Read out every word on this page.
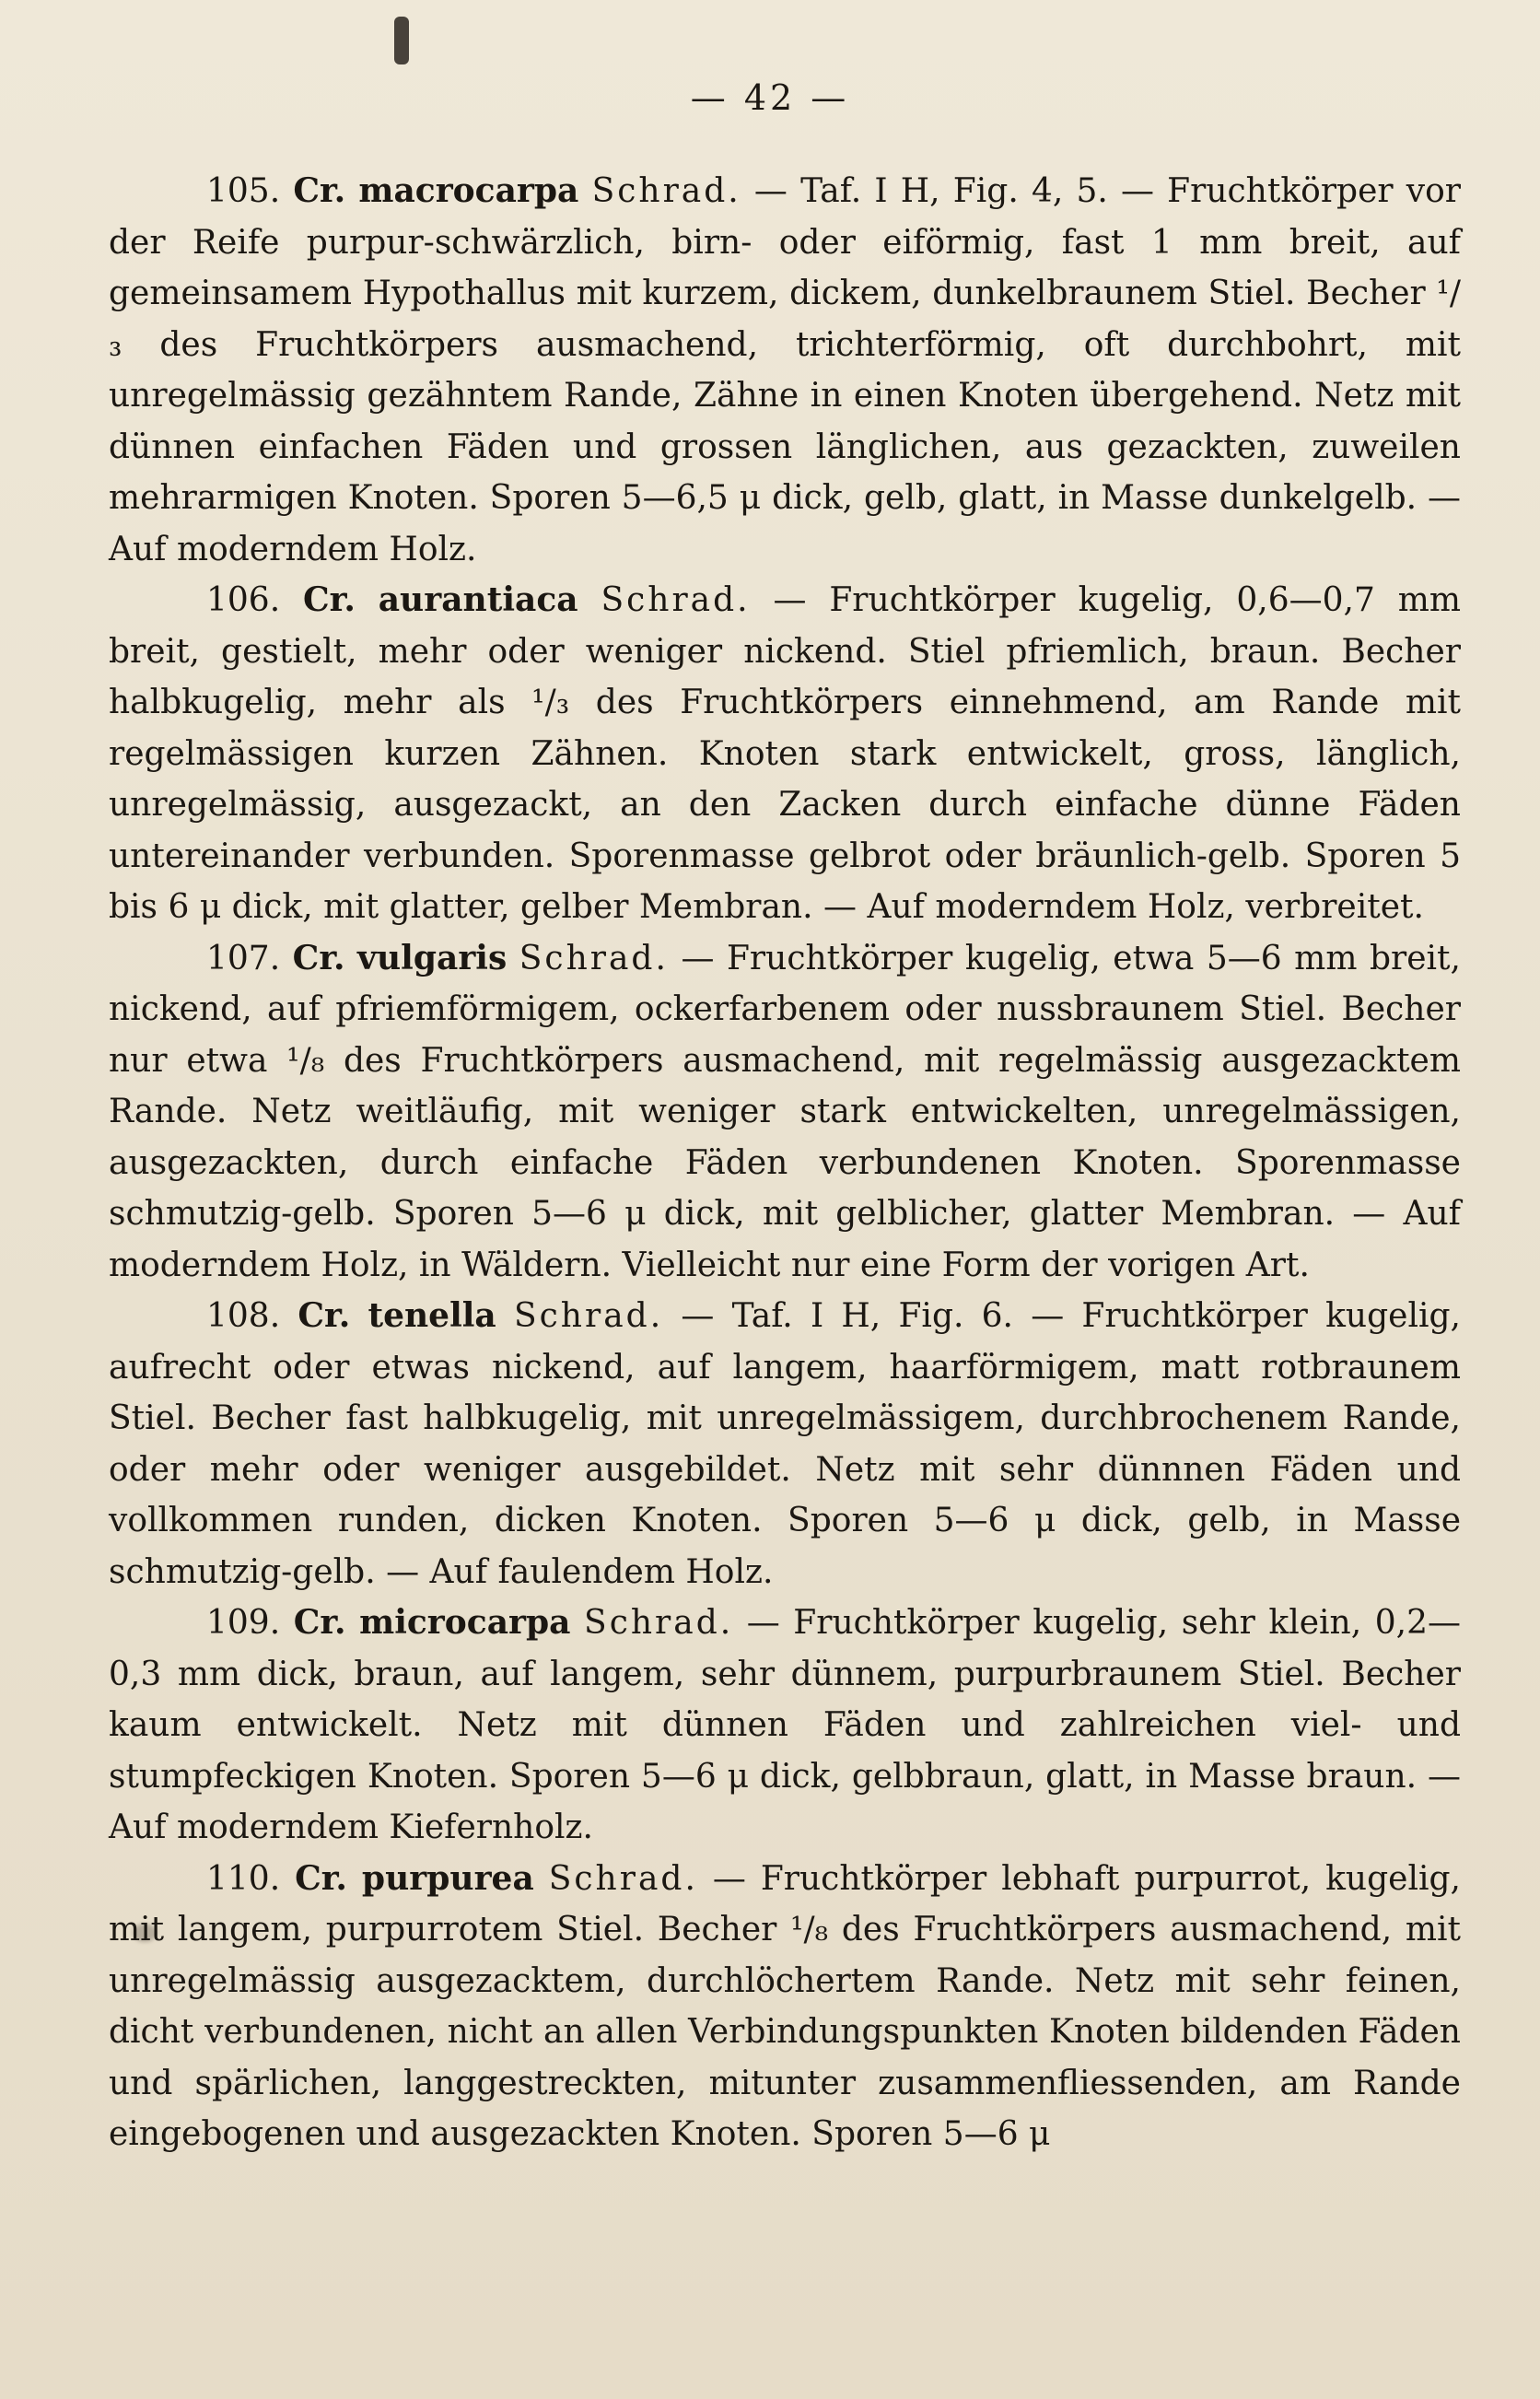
— 42 —

105. Cr. macrocarpa Schrad. — Taf. I H, Fig. 4, 5. — Fruchtkörper vor der Reife purpur-schwärzlich, birn- oder eiförmig, fast 1 mm breit, auf gemeinsamem Hypothallus mit kurzem, dickem, dunkelbraunem Stiel. Becher ¹/₃ des Fruchtkörpers ausmachend, trichterförmig, oft durchbohrt, mit unregelmässig gezähntem Rande, Zähne in einen Knoten übergehend. Netz mit dünnen einfachen Fäden und grossen länglichen, aus gezackten, zuweilen mehrarmigen Knoten. Sporen 5—6,5 μ dick, gelb, glatt, in Masse dunkelgelb. — Auf moderndem Holz.

106. Cr. aurantiaca Schrad. — Fruchtkörper kugelig, 0,6—0,7 mm breit, gestielt, mehr oder weniger nickend. Stiel pfriemlich, braun. Becher halbkugelig, mehr als ¹/₃ des Fruchtkörpers einnehmend, am Rande mit regelmässigen kurzen Zähnen. Knoten stark entwickelt, gross, länglich, unregelmässig, ausgezackt, an den Zacken durch einfache dünne Fäden untereinander verbunden. Sporenmasse gelbrot oder bräunlich-gelb. Sporen 5 bis 6 μ dick, mit glatter, gelber Membran. — Auf moderndem Holz, verbreitet.

107. Cr. vulgaris Schrad. — Fruchtkörper kugelig, etwa 5—6 mm breit, nickend, auf pfriemförmigem, ockerfarbenem oder nussbraunem Stiel. Becher nur etwa ¹/₈ des Fruchtkörpers ausmachend, mit regelmässig ausgezacktem Rande. Netz weitläufig, mit weniger stark entwickelten, unregelmässigen, ausgezackten, durch einfache Fäden verbundenen Knoten. Sporenmasse schmutzig-gelb. Sporen 5—6 μ dick, mit gelblicher, glatter Membran. — Auf moderndem Holz, in Wäldern. Vielleicht nur eine Form der vorigen Art.

108. Cr. tenella Schrad. — Taf. I H, Fig. 6. — Fruchtkörper kugelig, aufrecht oder etwas nickend, auf langem, haarförmigem, matt rotbraunem Stiel. Becher fast halbkugelig, mit unregelmässigem, durchbrochenem Rande, oder mehr oder weniger ausgebildet. Netz mit sehr dünnnen Fäden und vollkommen runden, dicken Knoten. Sporen 5—6 μ dick, gelb, in Masse schmutzig-gelb. — Auf faulendem Holz.

109. Cr. microcarpa Schrad. — Fruchtkörper kugelig, sehr klein, 0,2—0,3 mm dick, braun, auf langem, sehr dünnem, purpurbraunem Stiel. Becher kaum entwickelt. Netz mit dünnen Fäden und zahlreichen viel- und stumpfeckigen Knoten. Sporen 5—6 μ dick, gelbbraun, glatt, in Masse braun. — Auf moderndem Kiefernholz.

110. Cr. purpurea Schrad. — Fruchtkörper lebhaft purpurrot, kugelig, mit langem, purpurrotem Stiel. Becher ¹/₈ des Fruchtkörpers ausmachend, mit unregelmässig ausgezacktem, durchlöchertem Rande. Netz mit sehr feinen, dicht verbundenen, nicht an allen Verbindungspunkten Knoten bildenden Fäden und spärlichen, langgestreckten, mitunter zusammenfliessenden, am Rande eingebogenen und ausgezackten Knoten. Sporen 5—6 μ
